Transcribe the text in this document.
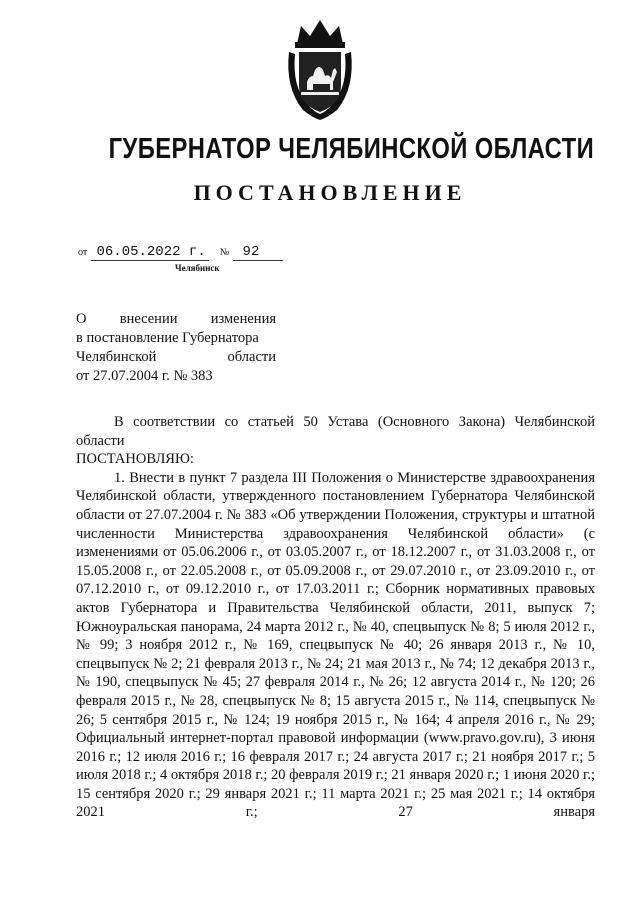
ГУБЕРНАТОР ЧЕЛЯБИНСКОЙ ОБЛАСТИ
ПОСТАНОВЛЕНИЕ
от 06.05.2022 г. № 92
Челябинск
О внесении изменения
в постановление Губернатора
Челябинской области
от 27.07.2004 г. № 383

В соответствии со статьей 50 Устава (Основного Закона) Челябинской области

ПОСТАНОВЛЯЮ:

1. Внести в пункт 7 раздела III Положения о Министерстве здравоохранения Челябинской области, утвержденного постановлением Губернатора Челябинской области от 27.07.2004 г. № 383 «Об утверждении Положения, структуры и штатной численности Министерства здравоохранения Челябинской области» (с изменениями от 05.06.2006 г., от 03.05.2007 г., от 18.12.2007 г., от 31.03.2008 г., от 15.05.2008 г., от 22.05.2008 г., от 05.09.2008 г., от 29.07.2010 г., от 23.09.2010 г., от 07.12.2010 г., от 09.12.2010 г., от 17.03.2011 г.; Сборник нормативных правовых актов Губернатора и Правительства Челябинской области, 2011, выпуск 7; Южноуральская панорама, 24 марта 2012 г., № 40, спецвыпуск № 8; 5 июля 2012 г., № 99; 3 ноября 2012 г., № 169, спецвыпуск № 40; 26 января 2013 г., № 10, спецвыпуск № 2; 21 февраля 2013 г., № 24; 21 мая 2013 г., № 74; 12 декабря 2013 г., № 190, спецвыпуск № 45; 27 февраля 2014 г., № 26; 12 августа 2014 г., № 120; 26 февраля 2015 г., № 28, спецвыпуск № 8; 15 августа 2015 г., № 114, спецвыпуск № 26; 5 сентября 2015 г., № 124; 19 ноября 2015 г., № 164; 4 апреля 2016 г., № 29; Официальный интернет-портал правовой информации (www.pravo.gov.ru), 3 июня 2016 г.; 12 июля 2016 г.; 16 февраля 2017 г.; 24 августа 2017 г.; 21 ноября 2017 г.; 5 июля 2018 г.; 4 октября 2018 г.; 20 февраля 2019 г.; 21 января 2020 г.; 1 июня 2020 г.; 15 сентября 2020 г.; 29 января 2021 г.; 11 марта 2021 г.; 25 мая 2021 г.; 14 октября 2021 г.; 27 января
